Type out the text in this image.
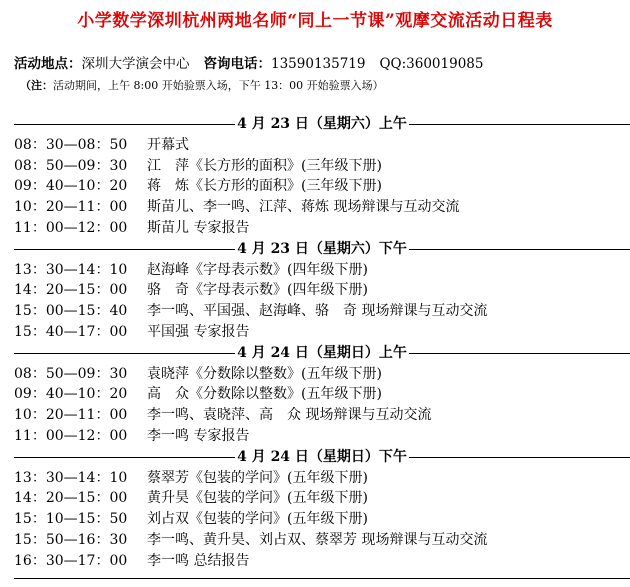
小学数学深圳杭州两地名师“同上一节课”观摩交流活动日程表
活动地点：深圳大学演会中心 咨询电话：13590135719 QQ:360019085
（注：活动期间，上午 8:00 开始验票入场，下午 13：00 开始验票入场）
4 月 23 日（星期六）上午
08：30—08：50 开幕式
08：50—09：30 江　萍《长方形的面积》(三年级下册)
09：40—10：20 蒋　炼《长方形的面积》(三年级下册)
10：20—11：00 斯苗儿、李一鸣、江萍、蒋炼 现场辩课与互动交流
11：00—12：00 斯苗儿 专家报告
4 月 23 日（星期六）下午
13：30—14：10 赵海峰《字母表示数》(四年级下册)
14：20—15：00 骆　奇《字母表示数》(四年级下册)
15：00—15：40 李一鸣、平国强、赵海峰、骆　奇 现场辩课与互动交流
15：40—17：00 平国强 专家报告
4 月 24 日（星期日）上午
08：50—09：30 袁晓萍《分数除以整数》(五年级下册)
09：40—10：20 高　众《分数除以整数》(五年级下册)
10：20—11：00 李一鸣、袁晓萍、高　众 现场辩课与互动交流
11：00—12：00 李一鸣 专家报告
4 月 24 日（星期日）下午
13：30—14：10 蔡翠芳《包装的学问》(五年级下册)
14：20—15：00 黄升昊《包装的学问》(五年级下册)
15：10—15：50 刘占双《包装的学问》(五年级下册)
15：50—16：30 李一鸣、黄升昊、刘占双、蔡翠芳 现场辩课与互动交流
16：30—17：00 李一鸣 总结报告
